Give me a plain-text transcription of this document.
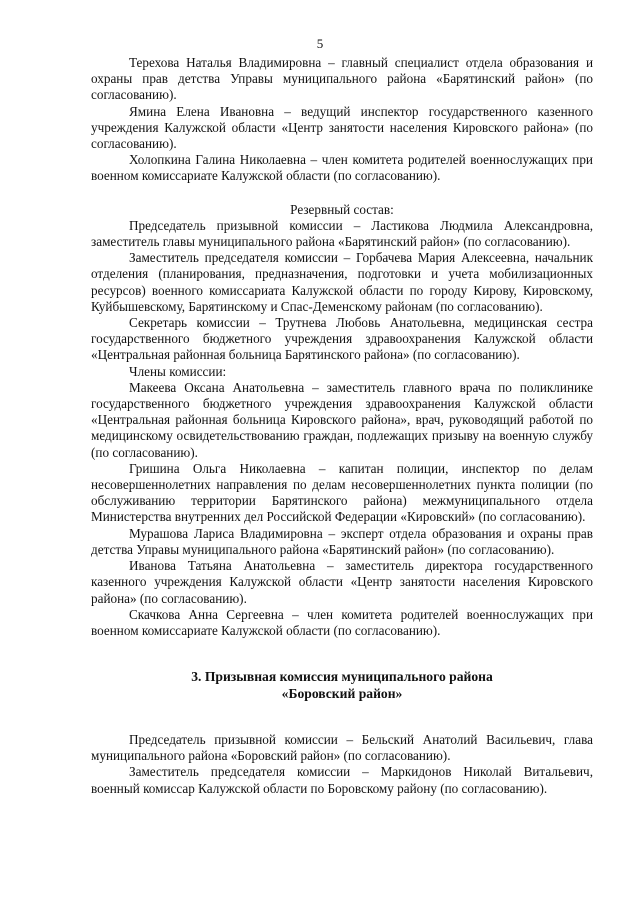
5

Терехова Наталья Владимировна – главный специалист отдела образования и охраны прав детства Управы муниципального района «Барятинский район» (по согласованию).

Ямина Елена Ивановна – ведущий инспектор государственного казенного учреждения Калужской области «Центр занятости населения Кировского района» (по согласованию).

Холопкина Галина Николаевна – член комитета родителей военнослужащих при военном комиссариате Калужской области (по согласованию).

Резервный состав:

Председатель призывной комиссии – Ластикова Людмила Александровна, заместитель главы муниципального района «Барятинский район» (по согласованию).

Заместитель председателя комиссии – Горбачева Мария Алексеевна, начальник отделения (планирования, предназначения, подготовки и учета мобилизационных ресурсов) военного комиссариата Калужской области по городу Кирову, Кировскому, Куйбышевскому, Барятинскому и Спас-Деменскому районам (по согласованию).

Секретарь комиссии – Трутнева Любовь Анатольевна, медицинская сестра государственного бюджетного учреждения здравоохранения Калужской области «Центральная районная больница Барятинского района» (по согласованию).

Члены комиссии:

Макеева Оксана Анатольевна – заместитель главного врача по поликлинике государственного бюджетного учреждения здравоохранения Калужской области «Центральная районная больница Кировского района», врач, руководящий работой по медицинскому освидетельствованию граждан, подлежащих призыву на военную службу (по согласованию).

Гришина Ольга Николаевна – капитан полиции, инспектор по делам несовершеннолетних направления по делам несовершеннолетних пункта полиции (по обслуживанию территории Барятинского района) межмуниципального отдела Министерства внутренних дел Российской Федерации «Кировский» (по согласованию).

Мурашова Лариса Владимировна – эксперт отдела образования и охраны прав детства Управы муниципального района «Барятинский район» (по согласованию).

Иванова Татьяна Анатольевна – заместитель директора государственного казенного учреждения Калужской области «Центр занятости населения Кировского района» (по согласованию).

Скачкова Анна Сергеевна – член комитета родителей военнослужащих при военном комиссариате Калужской области (по согласованию).

3. Призывная комиссия муниципального района
«Боровский район»

Председатель призывной комиссии – Бельский Анатолий Васильевич, глава муниципального района «Боровский район» (по согласованию).

Заместитель председателя комиссии – Маркидонов Николай Витальевич, военный комиссар Калужской области по Боровскому району (по согласованию).
